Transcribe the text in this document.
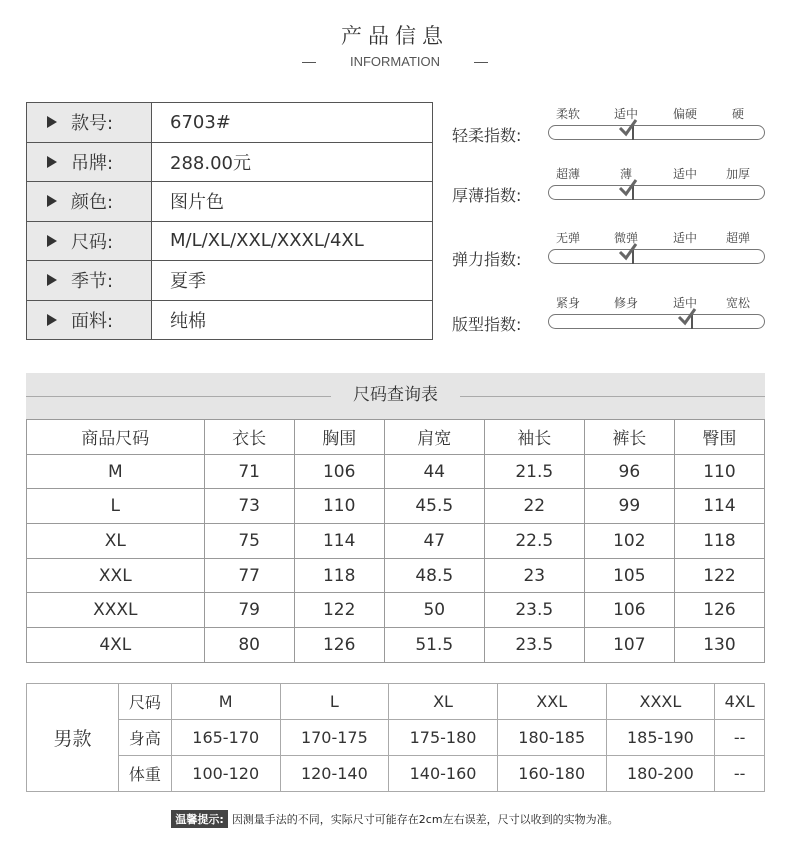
产品信息
INFORMATION
款号:	6703#
吊牌:	288.00元
颜色:	图片色
尺码:	M/L/XL/XXL/XXXL/4XL
季节:	夏季
面料:	纯棉
轻柔指数:
柔软	适中	偏硬	硬
厚薄指数:
超薄	薄	适中 加厚
弹力指数:
无弹	微弹	适中 超弹
版型指数:
紧身	修身	适中 宽松
尺码查询表
商品尺码	衣长	胸围	肩宽	袖长	裤长	臀围
M	71	106	44	21.5	96	110
L	73	110	45.5	22	99	114
XL	75	114	47	22.5	102	118
XXL	77	118	48.5	23	105	122
XXXL	79	122	50	23.5	106	126
4XL	80	126	51.5	23.5	107	130
男款	尺码	M	L	XL	XXL	XXXL	4XL
	身高	165-170	170-175	175-180	180-185	185-190	--
	体重	100-120	120-140	140-160	160-180	180-200	--
温馨提示: 因测量手法的不同，实际尺寸可能存在2cm左右误差，尺寸以收到的实物为准。
